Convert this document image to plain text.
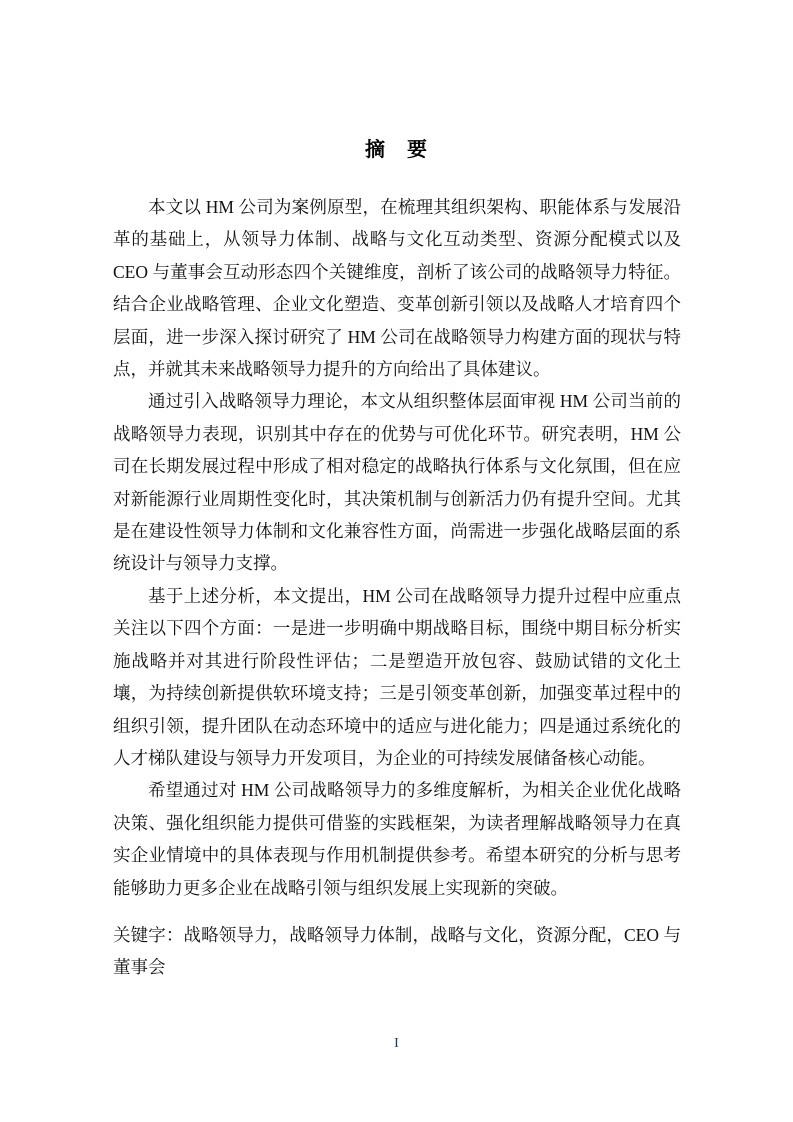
摘　要

本文以 HM 公司为案例原型，在梳理其组织架构、职能体系与发展沿革的基础上，从领导力体制、战略与文化互动类型、资源分配模式以及 CEO 与董事会互动形态四个关键维度，剖析了该公司的战略领导力特征。结合企业战略管理、企业文化塑造、变革创新引领以及战略人才培育四个层面，进一步深入探讨研究了 HM 公司在战略领导力构建方面的现状与特点，并就其未来战略领导力提升的方向给出了具体建议。

通过引入战略领导力理论，本文从组织整体层面审视 HM 公司当前的战略领导力表现，识别其中存在的优势与可优化环节。研究表明，HM 公司在长期发展过程中形成了相对稳定的战略执行体系与文化氛围，但在应对新能源行业周期性变化时，其决策机制与创新活力仍有提升空间。尤其是在建设性领导力体制和文化兼容性方面，尚需进一步强化战略层面的系统设计与领导力支撑。

基于上述分析，本文提出，HM 公司在战略领导力提升过程中应重点关注以下四个方面：一是进一步明确中期战略目标，围绕中期目标分析实施战略并对其进行阶段性评估；二是塑造开放包容、鼓励试错的文化土壤，为持续创新提供软环境支持；三是引领变革创新，加强变革过程中的组织引领，提升团队在动态环境中的适应与进化能力；四是通过系统化的人才梯队建设与领导力开发项目，为企业的可持续发展储备核心动能。

希望通过对 HM 公司战略领导力的多维度解析，为相关企业优化战略决策、强化组织能力提供可借鉴的实践框架，为读者理解战略领导力在真实企业情境中的具体表现与作用机制提供参考。希望本研究的分析与思考能够助力更多企业在战略引领与组织发展上实现新的突破。

关键字：战略领导力，战略领导力体制，战略与文化，资源分配，CEO 与董事会

I
